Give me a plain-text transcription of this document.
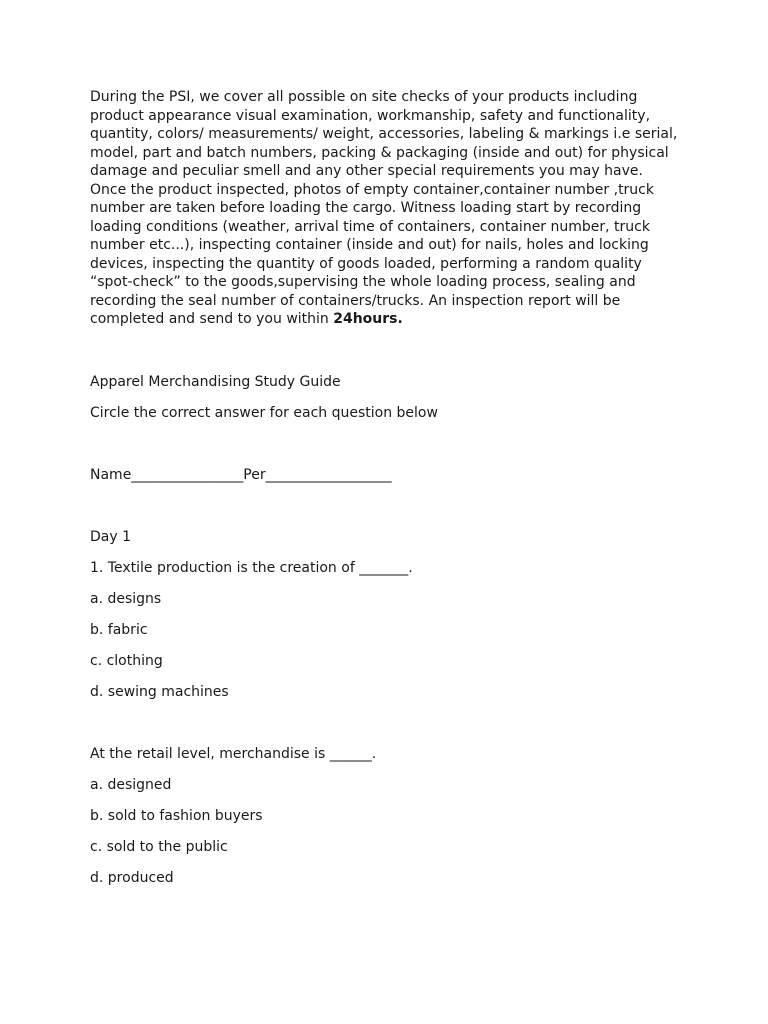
During the PSI, we cover all possible on site checks of your products including product appearance visual examination, workmanship, safety and functionality, quantity, colors/ measurements/ weight, accessories, labeling & markings i.e serial, model, part and batch numbers, packing & packaging (inside and out) for physical damage and peculiar smell and any other special requirements you may have. Once the product inspected, photos of empty container,container number ,truck number are taken before loading the cargo. Witness loading start by recording loading conditions (weather, arrival time of containers, container number, truck number etc...), inspecting container (inside and out) for nails, holes and locking devices, inspecting the quantity of goods loaded, performing a random quality “spot-check” to the goods,supervising the whole loading process, sealing and recording the seal number of containers/trucks. An inspection report will be completed and send to you within 24hours.

Apparel Merchandising Study Guide

Circle the correct answer for each question below

Name________________Per__________________

Day 1

1. Textile production is the creation of _______.

a. designs

b. fabric

c. clothing

d. sewing machines

At the retail level, merchandise is ______.

a. designed

b. sold to fashion buyers

c. sold to the public

d. produced
